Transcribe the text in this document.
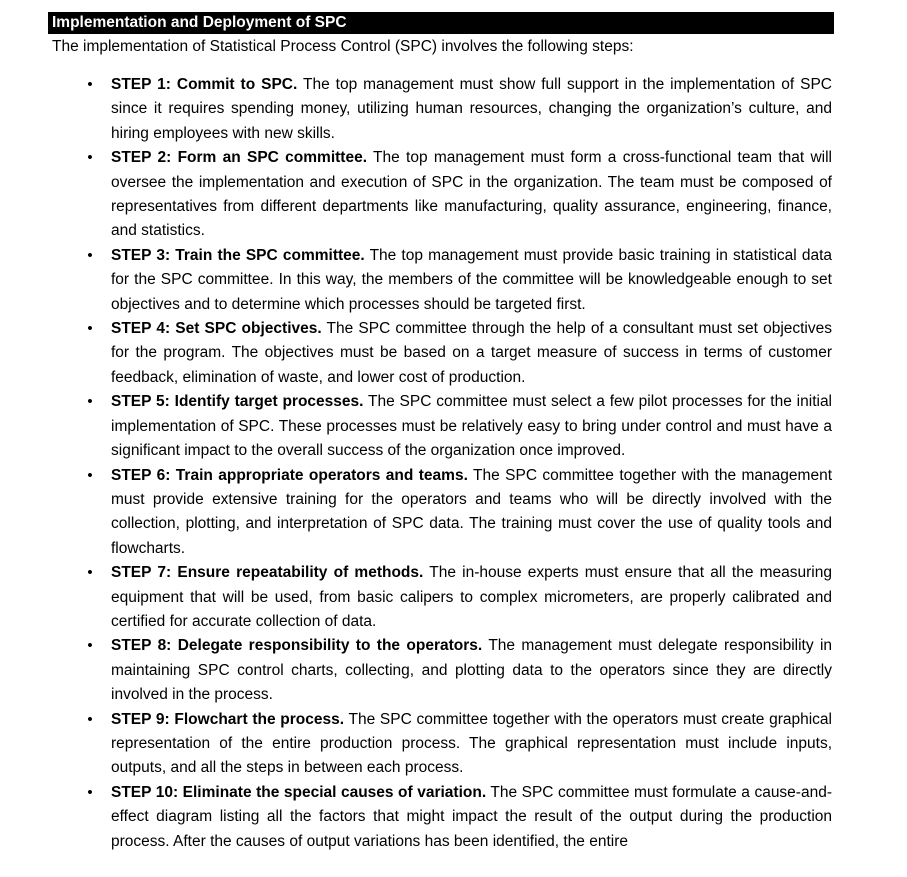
Implementation and Deployment of SPC
The implementation of Statistical Process Control (SPC) involves the following steps:
• STEP 1: Commit to SPC. The top management must show full support in the implementation of SPC since it requires spending money, utilizing human resources, changing the organization’s culture, and hiring employees with new skills.
• STEP 2: Form an SPC committee. The top management must form a cross-functional team that will oversee the implementation and execution of SPC in the organization. The team must be composed of representatives from different departments like manufacturing, quality assurance, engineering, finance, and statistics.
• STEP 3: Train the SPC committee. The top management must provide basic training in statistical data for the SPC committee. In this way, the members of the committee will be knowledgeable enough to set objectives and to determine which processes should be targeted first.
• STEP 4: Set SPC objectives. The SPC committee through the help of a consultant must set objectives for the program. The objectives must be based on a target measure of success in terms of customer feedback, elimination of waste, and lower cost of production.
• STEP 5: Identify target processes. The SPC committee must select a few pilot processes for the initial implementation of SPC. These processes must be relatively easy to bring under control and must have a significant impact to the overall success of the organization once improved.
• STEP 6: Train appropriate operators and teams. The SPC committee together with the management must provide extensive training for the operators and teams who will be directly involved with the collection, plotting, and interpretation of SPC data. The training must cover the use of quality tools and flowcharts.
• STEP 7: Ensure repeatability of methods. The in-house experts must ensure that all the measuring equipment that will be used, from basic calipers to complex micrometers, are properly calibrated and certified for accurate collection of data.
• STEP 8: Delegate responsibility to the operators. The management must delegate responsibility in maintaining SPC control charts, collecting, and plotting data to the operators since they are directly involved in the process.
• STEP 9: Flowchart the process. The SPC committee together with the operators must create graphical representation of the entire production process. The graphical representation must include inputs, outputs, and all the steps in between each process.
• STEP 10: Eliminate the special causes of variation. The SPC committee must formulate a cause-and-effect diagram listing all the factors that might impact the result of the output during the production process. After the causes of output variations has been identified, the entire
